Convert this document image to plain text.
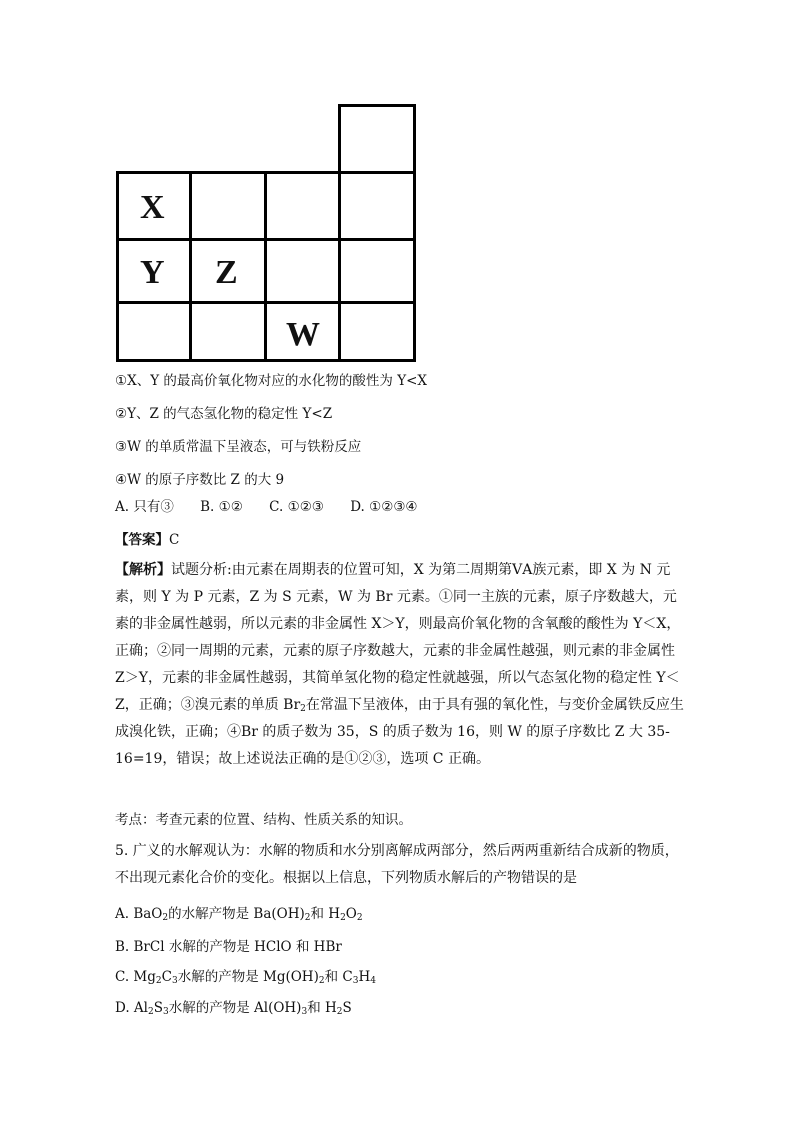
X
Y Z
W
①X、Y 的最高价氧化物对应的水化物的酸性为 Y<X
②Y、Z 的气态氢化物的稳定性 Y<Z
③W 的单质常温下呈液态，可与铁粉反应
④W 的原子序数比 Z 的大 9
A. 只有③ B. ①② C. ①②③ D. ①②③④
【答案】C
【解析】试题分析:由元素在周期表的位置可知，X 为第二周期第ⅤA族元素，即 X 为 N 元素，则 Y 为 P 元素，Z 为 S 元素，W 为 Br 元素。①同一主族的元素，原子序数越大，元素的非金属性越弱，所以元素的非金属性 X＞Y，则最高价氧化物的含氧酸的酸性为 Y＜X，正确；②同一周期的元素，元素的原子序数越大，元素的非金属性越强，则元素的非金属性 Z＞Y，元素的非金属性越弱，其简单氢化物的稳定性就越强，所以气态氢化物的稳定性 Y＜Z，正确；③溴元素的单质 $Br_2$在常温下呈液体，由于具有强的氧化性，与变价金属铁反应生成溴化铁，正确；④Br 的质子数为 35，S 的质子数为 16，则 W 的原子序数比 Z 大 35-16=19，错误；故上述说法正确的是①②③，选项 C 正确。
考点：考查元素的位置、结构、性质关系的知识。
5. 广义的水解观认为：水解的物质和水分别离解成两部分，然后两两重新结合成新的物质，不出现元素化合价的变化。根据以上信息，下列物质水解后的产物错误的是
A. BaO$_2$的水解产物是 $Ba(OH)_2$和 $H_2O_2$
B. BrCl 水解的产物是 HClO 和 HBr
C. $Mg_2C_3$水解的产物是 $Mg(OH)_2$和 $C_3H_4$
D. $Al_2S_3$水解的产物是 $Al(OH)_3$和 $H_2S$
